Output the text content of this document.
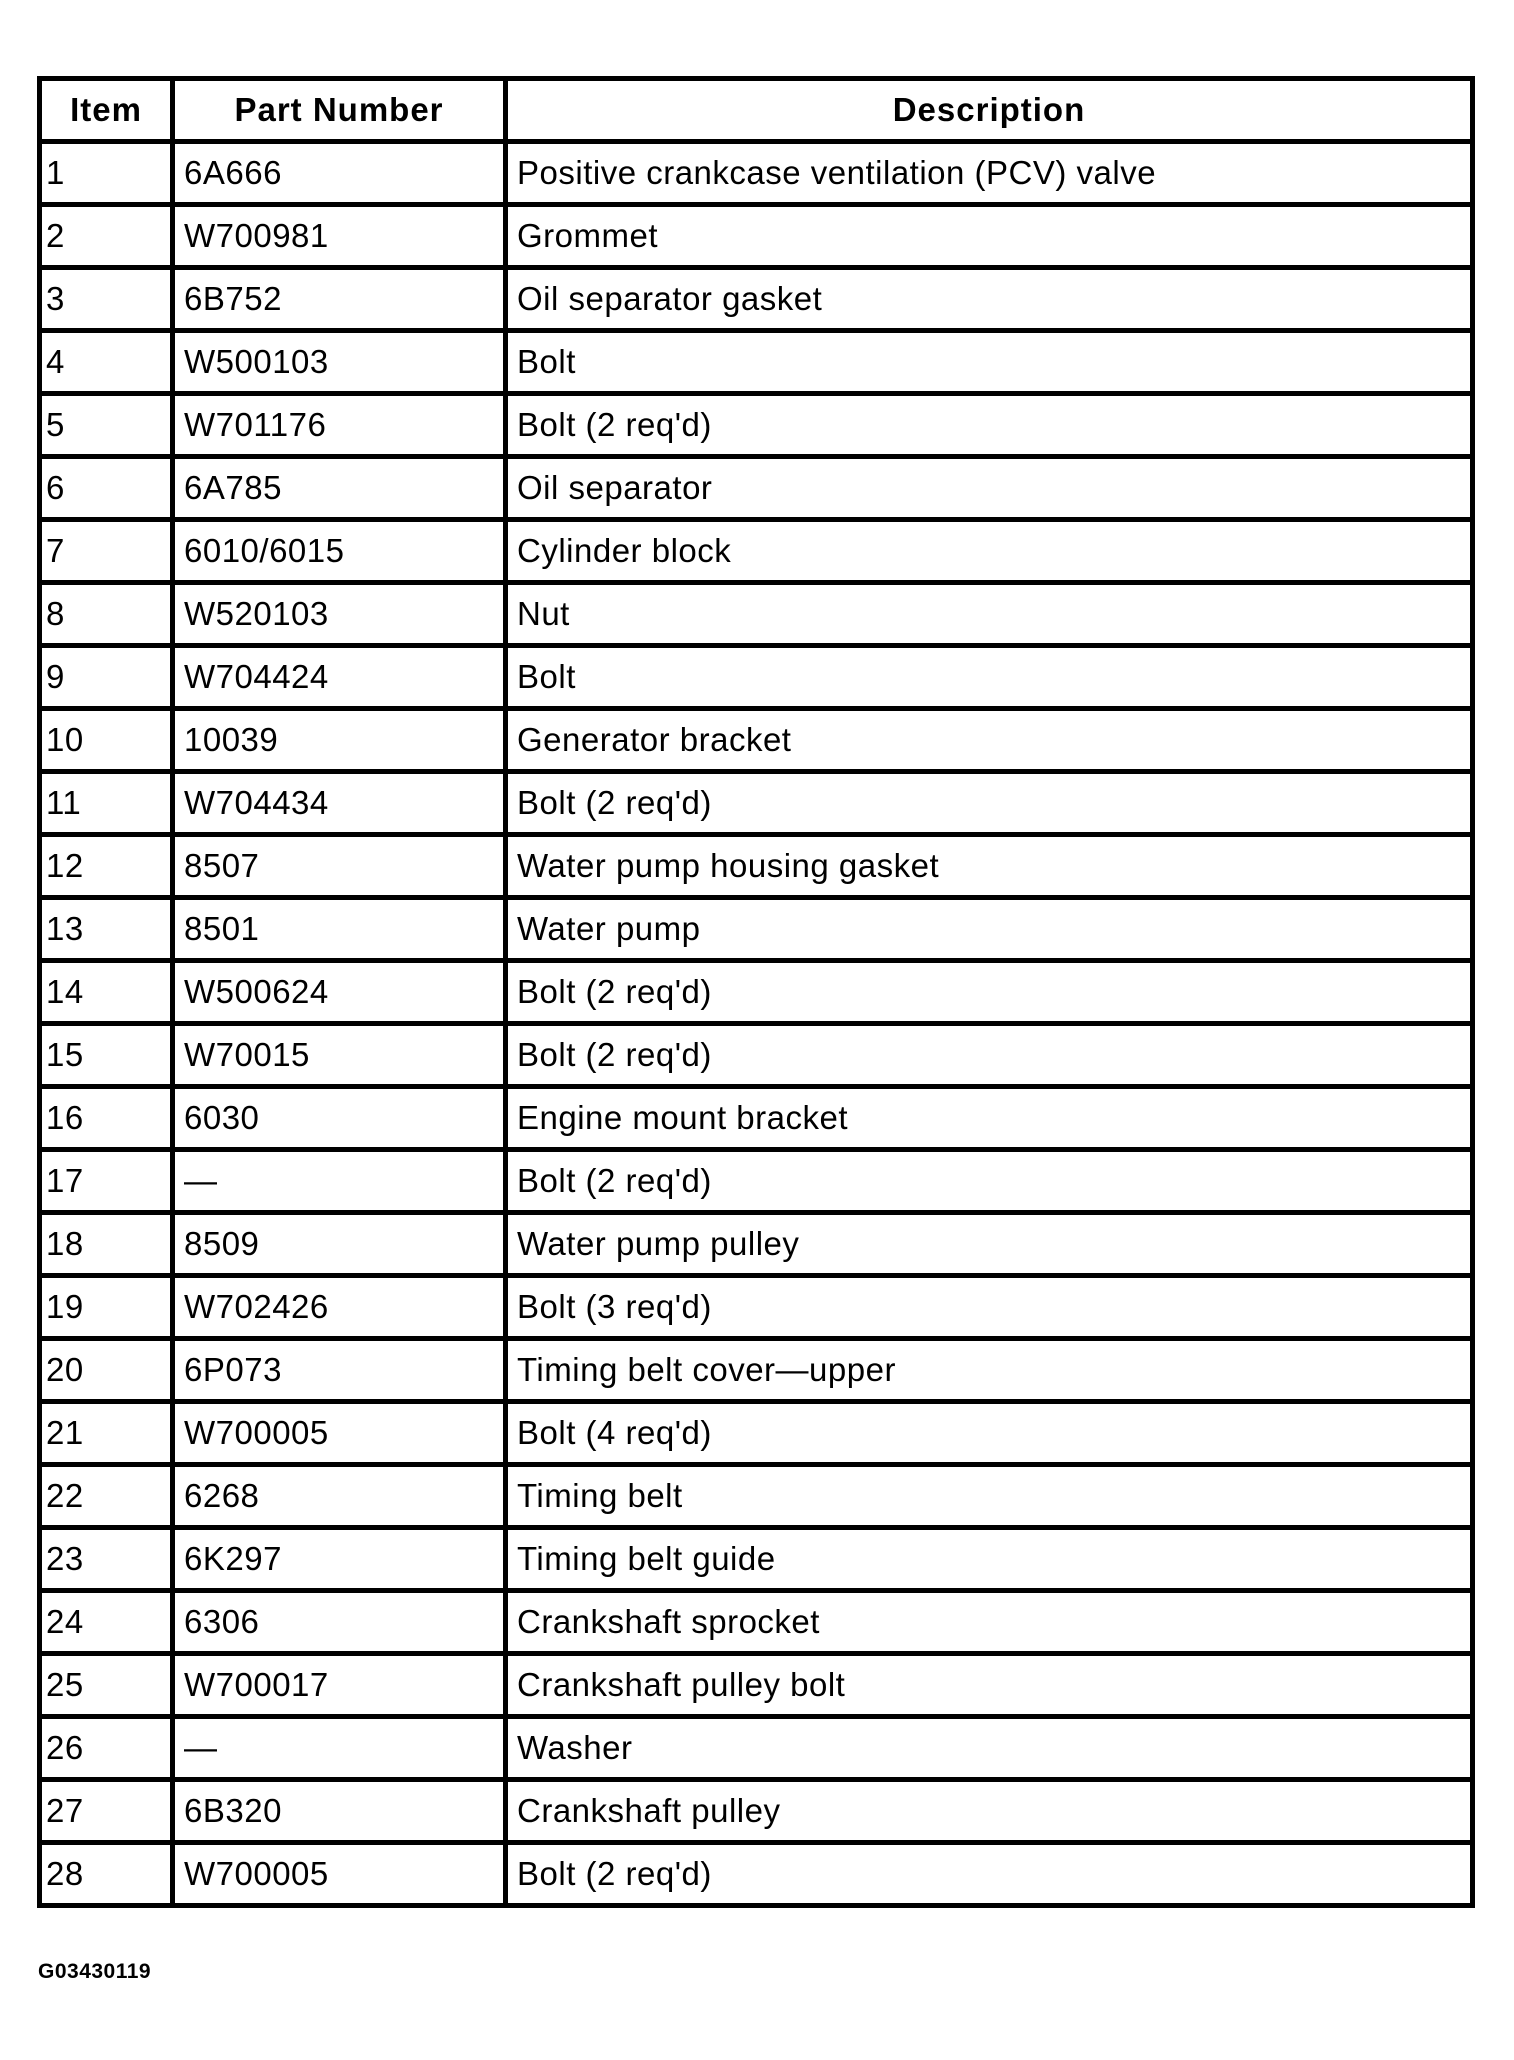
Item	Part Number	Description
1	6A666	Positive crankcase ventilation (PCV) valve
2	W700981	Grommet
3	6B752	Oil separator gasket
4	W500103	Bolt
5	W701176	Bolt (2 req'd)
6	6A785	Oil separator
7	6010/6015	Cylinder block
8	W520103	Nut
9	W704424	Bolt
10	10039	Generator bracket
11	W704434	Bolt (2 req'd)
12	8507	Water pump housing gasket
13	8501	Water pump
14	W500624	Bolt (2 req'd)
15	W70015	Bolt (2 req'd)
16	6030	Engine mount bracket
17	—	Bolt (2 req'd)
18	8509	Water pump pulley
19	W702426	Bolt (3 req'd)
20	6P073	Timing belt cover—upper
21	W700005	Bolt (4 req'd)
22	6268	Timing belt
23	6K297	Timing belt guide
24	6306	Crankshaft sprocket
25	W700017	Crankshaft pulley bolt
26	—	Washer
27	6B320	Crankshaft pulley
28	W700005	Bolt (2 req'd)
G03430119
